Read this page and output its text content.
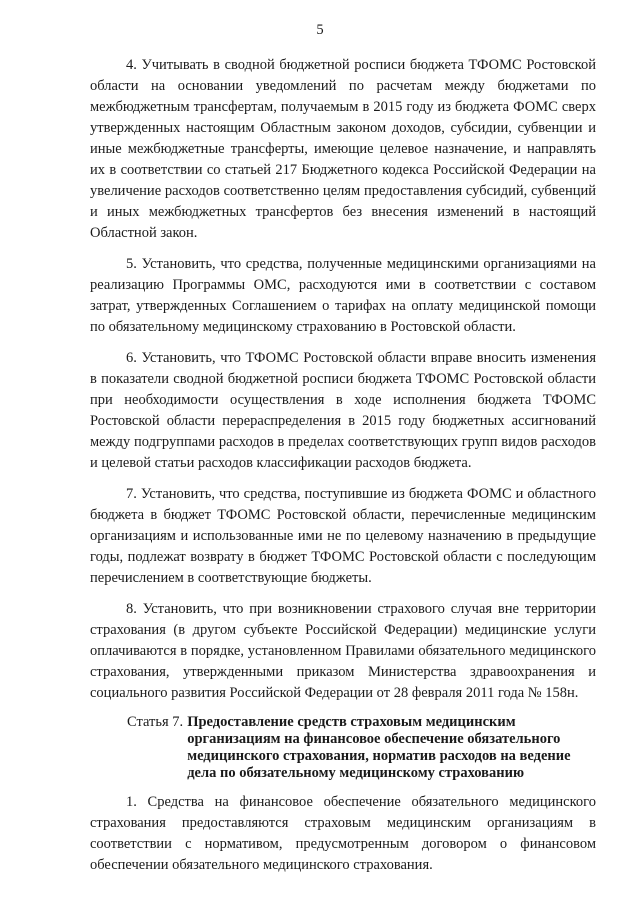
5

4. Учитывать в сводной бюджетной росписи бюджета ТФОМС Ростовской области на основании уведомлений по расчетам между бюджетами по межбюджетным трансфертам, получаемым в 2015 году из бюджета ФОМС сверх утвержденных настоящим Областным законом доходов, субсидии, субвенции и иные межбюджетные трансферты, имеющие целевое назначение, и направлять их в соответствии со статьей 217 Бюджетного кодекса Российской Федерации на увеличение расходов соответственно целям предоставления субсидий, субвенций и иных межбюджетных трансфертов без внесения изменений в настоящий Областной закон.

5. Установить, что средства, полученные медицинскими организациями на реализацию Программы ОМС, расходуются ими в соответствии с составом затрат, утвержденных Соглашением о тарифах на оплату медицинской помощи по обязательному медицинскому страхованию в Ростовской области.

6. Установить, что ТФОМС Ростовской области вправе вносить изменения в показатели сводной бюджетной росписи бюджета ТФОМС Ростовской области при необходимости осуществления в ходе исполнения бюджета ТФОМС Ростовской области перераспределения в 2015 году бюджетных ассигнований между подгруппами расходов в пределах соответствующих групп видов расходов и целевой статьи расходов классификации расходов бюджета.

7. Установить, что средства, поступившие из бюджета ФОМС и областного бюджета в бюджет ТФОМС Ростовской области, перечисленные медицинским организациям и использованные ими не по целевому назначению в предыдущие годы, подлежат возврату в бюджет ТФОМС Ростовской области с последующим перечислением в соответствующие бюджеты.

8. Установить, что при возникновении страхового случая вне территории страхования (в другом субъекте Российской Федерации) медицинские услуги оплачиваются в порядке, установленном Правилами обязательного медицинского страхования, утвержденными приказом Министерства здравоохранения и социального развития Российской Федерации от 28 февраля 2011 года № 158н.

Статья 7. Предоставление средств страховым медицинским организациям на финансовое обеспечение обязательного медицинского страхования, норматив расходов на ведение дела по обязательному медицинскому страхованию

1. Средства на финансовое обеспечение обязательного медицинского страхования предоставляются страховым медицинским организациям в соответствии с нормативом, предусмотренным договором о финансовом обеспечении обязательного медицинского страхования.
